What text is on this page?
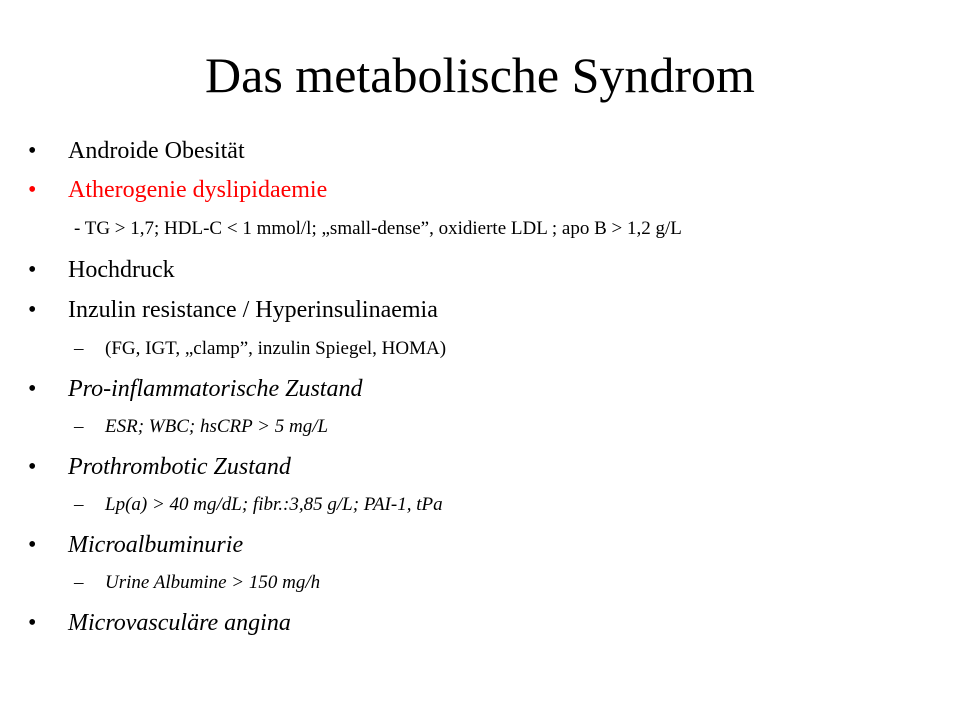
Das metabolische Syndrom
• Androide Obesität
• Atherogenie dyslipidaemie
- TG > 1,7; HDL-C < 1 mmol/l; „small-dense”, oxidierte LDL ; apo B > 1,2 g/L
• Hochdruck
• Inzulin resistance / Hyperinsulinaemia
– (FG, IGT, „clamp”, inzulin Spiegel, HOMA)
• Pro-inflammatorische Zustand
– ESR; WBC; hsCRP > 5 mg/L
• Prothrombotic Zustand
– Lp(a) > 40 mg/dL; fibr.:3,85 g/L; PAI-1, tPa
• Microalbuminurie
– Urine Albumine > 150 mg/h
• Microvasculäre angina
